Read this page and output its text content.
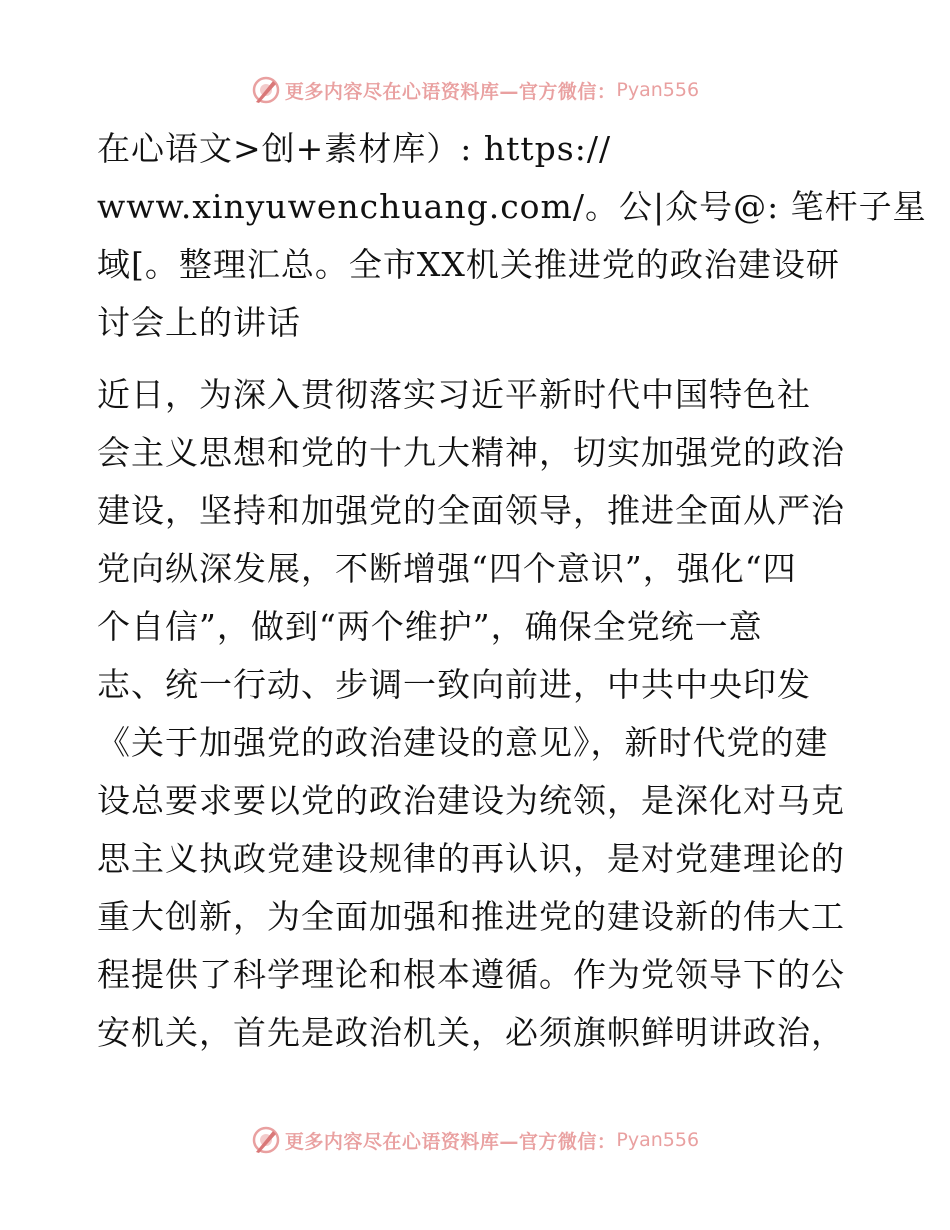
更多内容尽在心语资料库—官方微信： Pyan556
在心语文>创+素材库）: https://
www.xinyuwenchuang.com/。公|众号@: 笔杆子星
域[。整理汇总。全市XX机关推进党的政治建设研
讨会上的讲话
近日，为深入贯彻落实习近平新时代中国特色社
会主义思想和党的十九大精神，切实加强党的政治
建设，坚持和加强党的全面领导，推进全面从严治
党向纵深发展，不断增强“四个意识”，强化“四
个自信”，做到“两个维护”，确保全党统一意
志、统一行动、步调一致向前进，中共中央印发
《关于加强党的政治建设的意见》，新时代党的建
设总要求要以党的政治建设为统领，是深化对马克
思主义执政党建设规律的再认识，是对党建理论的
重大创新，为全面加强和推进党的建设新的伟大工
程提供了科学理论和根本遵循。作为党领导下的公
安机关，首先是政治机关，必须旗帜鲜明讲政治，
更多内容尽在心语资料库—官方微信： Pyan556
